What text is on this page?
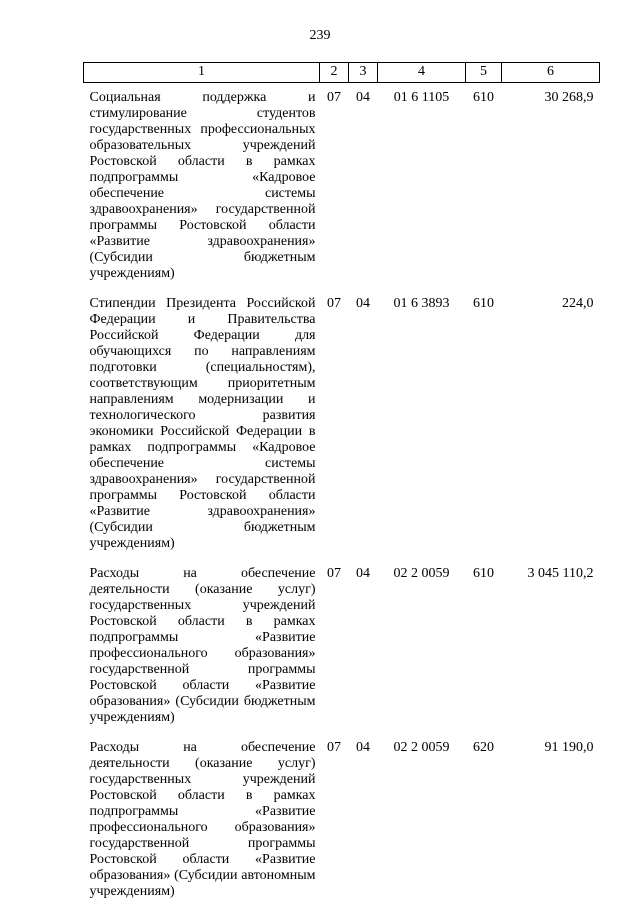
239
1	2	3	4	5	6
Социальная поддержка и стимулирование студентов государственных профессиональных образовательных учреждений Ростовской области в рамках подпрограммы «Кадровое обеспечение системы здравоохранения» государственной программы Ростовской области «Развитие здравоохранения» (Субсидии бюджетным учреждениям)	07	04	01 6 1105	610	30 268,9
Стипендии Президента Российской Федерации и Правительства Российской Федерации для обучающихся по направлениям подготовки (специальностям), соответствующим приоритетным направлениям модернизации и технологического развития экономики Российской Федерации в рамках подпрограммы «Кадровое обеспечение системы здравоохранения» государственной программы Ростовской области «Развитие здравоохранения» (Субсидии бюджетным учреждениям)	07	04	01 6 3893	610	224,0
Расходы на обеспечение деятельности (оказание услуг) государственных учреждений Ростовской области в рамках подпрограммы «Развитие профессионального образования» государственной программы Ростовской области «Развитие образования» (Субсидии бюджетным учреждениям)	07	04	02 2 0059	610	3 045 110,2
Расходы на обеспечение деятельности (оказание услуг) государственных учреждений Ростовской области в рамках подпрограммы «Развитие профессионального образования» государственной программы Ростовской области «Развитие образования» (Субсидии автономным учреждениям)	07	04	02 2 0059	620	91 190,0
